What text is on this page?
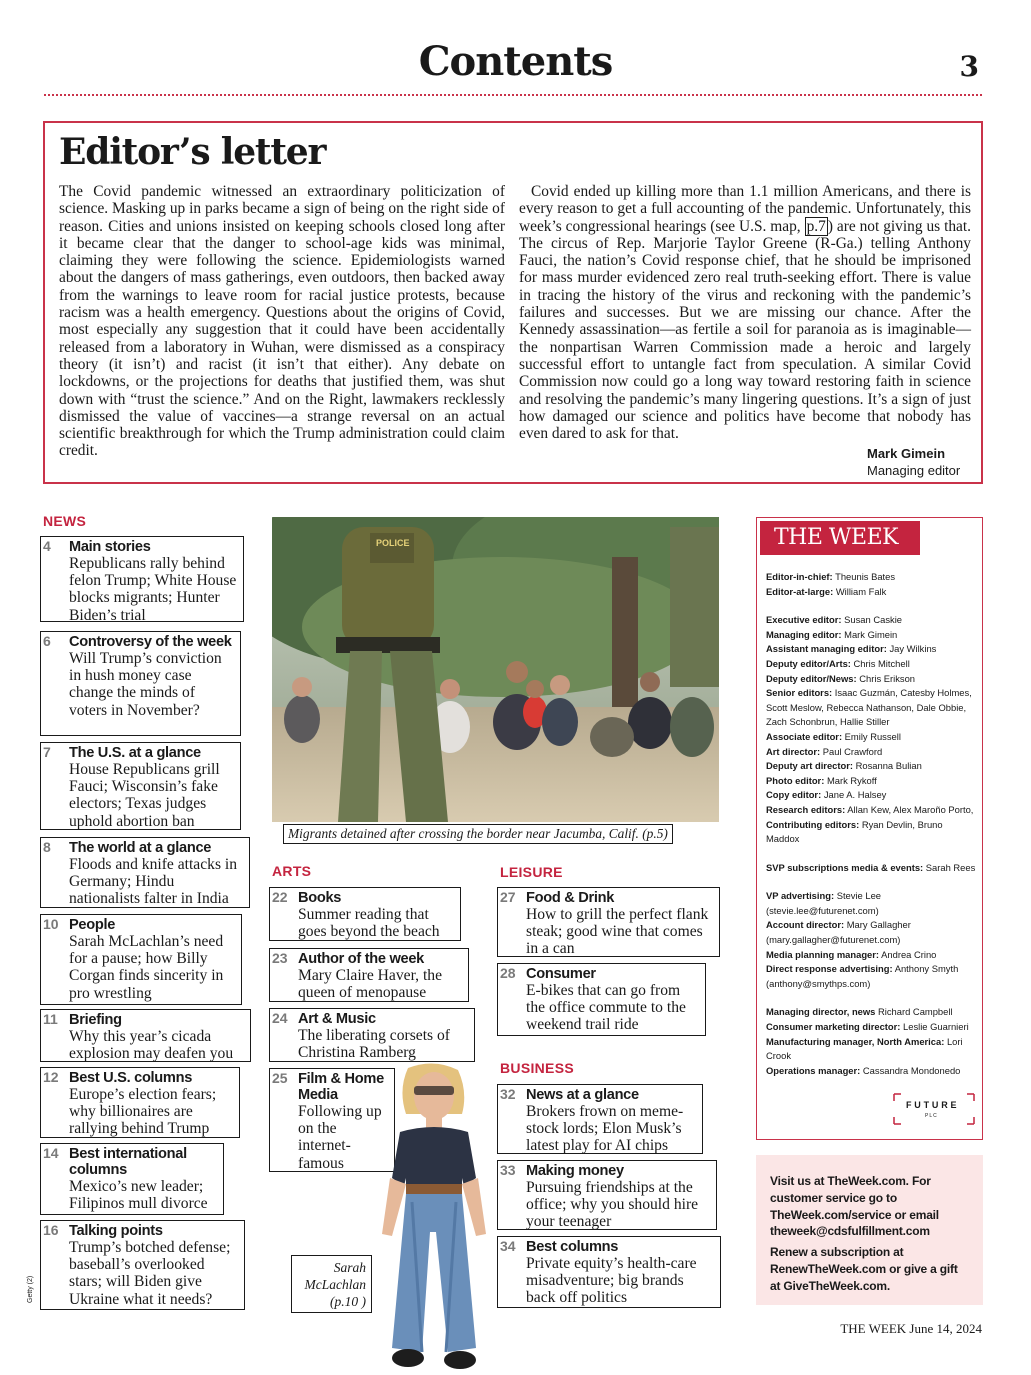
Contents	3
Editor’s letter

The Covid pandemic witnessed an extraordinary politicization of science. Masking up in parks became a sign of being on the right side of reason. Cities and unions insisted on keeping schools closed long after it became clear that the danger to school-age kids was minimal, claiming they were following the science. Epidemiologists warned about the dangers of mass gatherings, even outdoors, then backed away from the warnings to leave room for racial justice protests, because racism was a health emergency. Questions about the origins of Covid, most especially any suggestion that it could have been accidentally released from a laboratory in Wuhan, were dismissed as a conspiracy theory (it isn’t) and racist (it isn’t that either). Any debate on lockdowns, or the projections for deaths that justified them, was shut down with “trust the science.” And on the Right, lawmakers recklessly dismissed the value of vaccines—a strange reversal on an actual scientific breakthrough for which the Trump administration could claim credit.

Covid ended up killing more than 1.1 million Americans, and there is every reason to get a full accounting of the pandemic. Unfortunately, this week’s congressional hearings (see U.S. map, p.7 ) are not giving us that. The circus of Rep. Marjorie Taylor Greene (R-Ga.) telling Anthony Fauci, the nation’s Covid response chief, that he should be imprisoned for mass murder evidenced zero real truth-seeking effort. There is value in tracing the history of the virus and reckoning with the pandemic’s failures and successes. But we are missing our chance. After the Kennedy assassination—as fertile a soil for paranoia as is imaginable—the nonpartisan Warren Commission made a heroic and largely successful effort to untangle fact from speculation. A similar Covid Commission now could go a long way toward restoring faith in science and resolving the pandemic’s many lingering questions. It’s a sign of just how damaged our science and politics have become that nobody has even dared to ask for that.

Mark Gimein
Managing editor
NEWS
ARTS	LEISURE
BUSINESS
4 Main stories
Republicans rally behind felon Trump; White House blocks migrants; Hunter Biden’s trial
6 Controversy of the week
Will Trump’s conviction in hush money case change the minds of voters in November?
7 The U.S. at a glance
House Republicans grill Fauci; Wisconsin’s fake electors; Texas judges uphold abortion ban
8 The world at a glance
Floods and knife attacks in Germany; Hindu nationalists falter in India
10 People
Sarah McLachlan’s need for a pause; how Billy Corgan finds sincerity in pro wrestling
11 Briefing
Why this year’s cicada explosion may deafen you
12 Best U.S. columns
Europe’s election fears; why billionaires are rallying behind Trump
14 Best international columns
Mexico’s new leader; Filipinos mull divorce
16 Talking points
Trump’s botched defense; baseball’s overlooked stars; will Biden give Ukraine what it needs?
POLICE
Migrants detained after crossing the border near Jacumba, Calif. (p.5)
22 Books
Summer reading that goes beyond the beach
23 Author of the week
Mary Claire Haver, the queen of menopause
24 Art & Music
The liberating corsets of Christina Ramberg
25 Film & Home Media
Following up on the internet-famous
27 Food & Drink
How to grill the perfect flank steak; good wine that comes in a can
28 Consumer
E-bikes that can go from the office commute to the weekend trail ride
32 News at a glance
Brokers frown on meme-stock lords; Elon Musk’s latest play for AI chips
33 Making money
Pursuing friendships at the office; why you should hire your teenager
34 Best columns
Private equity’s health-care misadventure; big brands back off politics
Sarah
McLachlan
(p.10 )
THE WEEK
Editor-in-chief: Theunis Bates
Editor-at-large: William Falk
Executive editor: Susan Caskie
Managing editor: Mark Gimein
Assistant managing editor: Jay Wilkins
Deputy editor/Arts: Chris Mitchell
Deputy editor/News: Chris Erikson
Senior editors: Isaac Guzmán, Catesby Holmes, Scott Meslow, Rebecca Nathanson, Dale Obbie, Zach Schonbrun, Hallie Stiller
Associate editor: Emily Russell
Art director: Paul Crawford
Deputy art director: Rosanna Bulian
Photo editor: Mark Rykoff
Copy editor: Jane A. Halsey
Research editors: Allan Kew, Alex Maroño Porto,
Contributing editors: Ryan Devlin, Bruno Maddox
SVP subscriptions media & events: Sarah Rees
VP advertising: Stevie Lee (stevie.lee@futurenet.com)
Account director: Mary Gallagher (mary.gallagher@futurenet.com)
Media planning manager: Andrea Crino
Direct response advertising: Anthony Smyth (anthony@smythps.com)
Managing director, news Richard Campbell
Consumer marketing director: Leslie Guarnieri
Manufacturing manager, North America: Lori Crook
Operations manager: Cassandra Mondonedo
FUTURE
PLC

Visit us at TheWeek.com. For customer service go to TheWeek.com/service or email theweek@cdsfulfillment.com

Renew a subscription at RenewTheWeek.com or give a gift at GiveTheWeek.com.

Getty (2)
THE WEEK June 14, 2024
